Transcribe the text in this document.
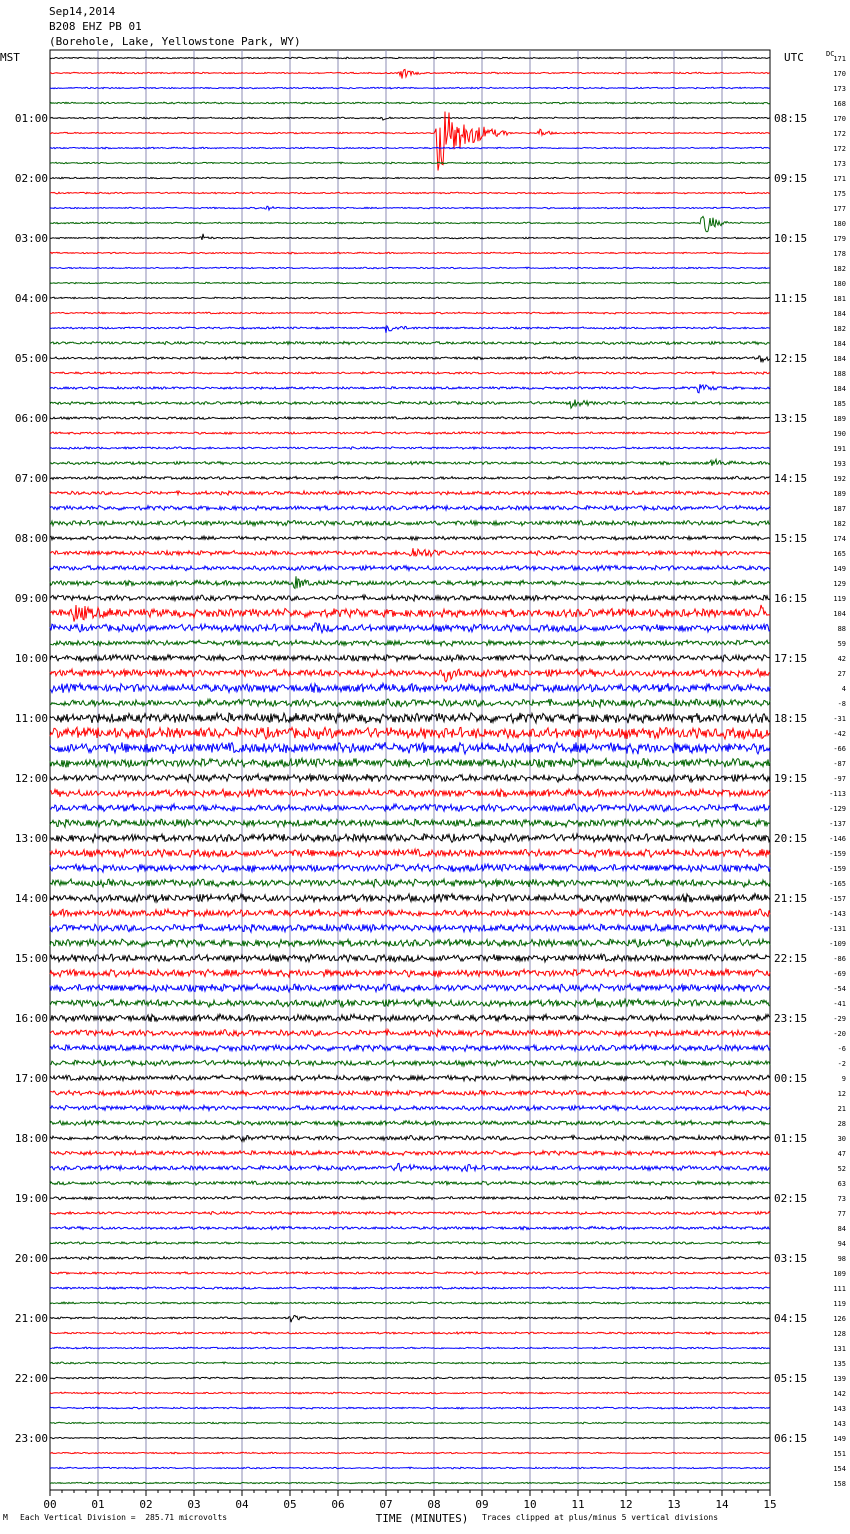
Sep14,2014
B208 EHZ PB 01
(Borehole, Lake, Yellowstone Park, WY)
171
170
173
168
170
172
172
173
171
175
177
180
179
178
182
180
181
184
182
184
184
188
184
185
189
190
191
193
192
189
187
182
174
165
149
129
119
104
88
59
42
27
4
-8
-31
-42
-66
-87
-97
-113
-129
-137
-146
-159
-159
-165
-157
-143
-131
-109
-86
-69
-54
-41
-29
-20
-6
-2
9
12
21
28
30
47
52
63
73
77
84
94
98
109
111
119
126
128
131
135
139
142
143
143
149
151
154
158
01:00	08:15
02:00	09:15
03:00	10:15
04:00	11:15
05:00	12:15
06:00	13:15
07:00	14:15
08:00	15:15
09:00	16:15
10:00	17:15
11:00	18:15
12:00	19:15
13:00	20:15
14:00	21:15
15:00	22:15
16:00	23:15
17:00	00:15
18:00	01:15
19:00	02:15
20:00	03:15
21:00	04:15
22:00	05:15
23:00	06:15
MST	UTC	DC
00	01	02	03	04	05	06	07	08	09	10	11	12	13	14	15
TIME (MINUTES)
M Each Vertical Division =  285.71 microvolts	Traces clipped at plus/minus 5 vertical divisions
